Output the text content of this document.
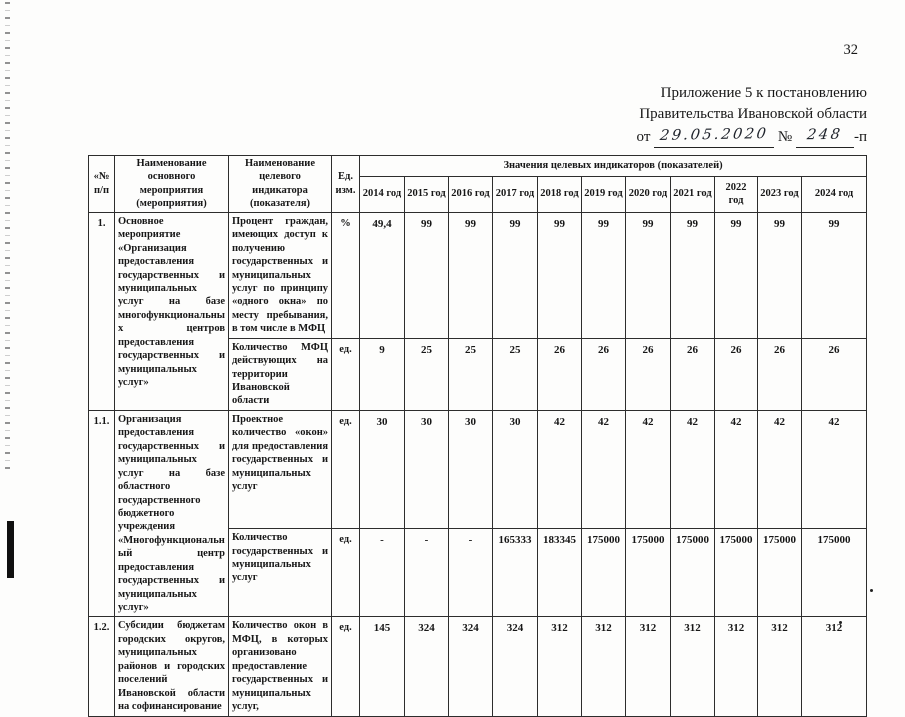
32
Приложение 5 к постановлению
Правительства Ивановской области
от 29.05.2020 № 248 -п
«№ п/п	Наименование основного мероприятия (мероприятия)	Наименование целевого индикатора (показателя)	Ед. изм.	Значения целевых индикаторов (показателей)										
				2014 год	2015 год	2016 год	2017 год	2018 год	2019 год	2020 год	2021 год	2022 год	2023 год	2024 год
1.	Основное мероприятие «Организация предоставления государственных и муниципальных услуг на базе многофункциональных центров предоставления государственных и муниципальных услуг»	Процент граждан, имеющих доступ к получению государственных и муниципальных услуг по принципу «одного окна» по месту пребывания, в том числе в МФЦ	%	49,4	99	99	99	99	99	99	99	99	99	99
		Количество МФЦ действующих на территории Ивановской области	ед.	9	25	25	25	26	26	26	26	26	26	26
1.1.	Организация предоставления государственных и муниципальных услуг на базе областного государственного бюджетного учреждения «Многофункциональный центр предоставления государственных и муниципальных услуг»	Проектное количество «окон» для предоставления государственных и муниципальных услуг	ед.	30	30	30	30	42	42	42	42	42	42	42
		Количество государственных и муниципальных услуг	ед.	-	-	-	165333	183345	175000	175000	175000	175000	175000	175000
1.2.	Субсидии бюджетам городских округов, муниципальных районов и городских поселений Ивановской области на софинансирование	Количество окон в МФЦ, в которых организовано предоставление государственных и муниципальных услуг,	ед.	145	324	324	324	312	312	312	312	312	312	312
